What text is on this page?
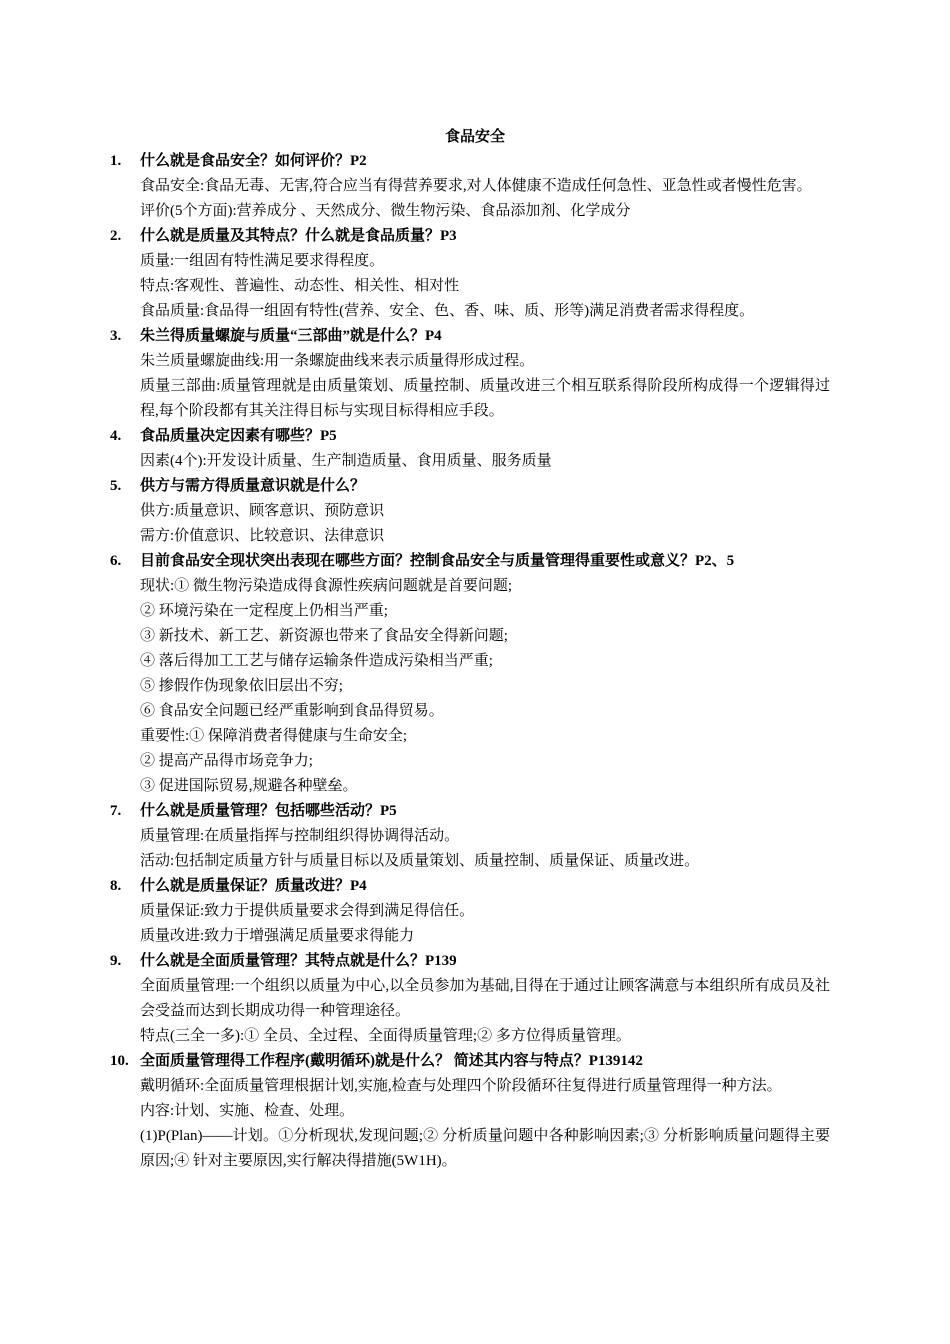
食品安全
1. 什么就是食品安全？如何评价？P2
食品安全:食品无毒、无害,符合应当有得营养要求,对人体健康不造成任何急性、亚急性或者慢性危害。
评价(5个方面):营养成分 、天然成分、微生物污染、食品添加剂、化学成分
2. 什么就是质量及其特点？什么就是食品质量？P3
质量:一组固有特性满足要求得程度。
特点:客观性、普遍性、动态性、相关性、相对性
食品质量:食品得一组固有特性(营养、安全、色、香、味、质、形等)满足消费者需求得程度。
3. 朱兰得质量螺旋与质量“三部曲”就是什么？P4
朱兰质量螺旋曲线:用一条螺旋曲线来表示质量得形成过程。
质量三部曲:质量管理就是由质量策划、质量控制、质量改进三个相互联系得阶段所构成得一个逻辑得过程,每个阶段都有其关注得目标与实现目标得相应手段。
4. 食品质量决定因素有哪些？P5
因素(4个):开发设计质量、生产制造质量、食用质量、服务质量
5. 供方与需方得质量意识就是什么？
供方:质量意识、顾客意识、预防意识
需方:价值意识、比较意识、法律意识
6. 目前食品安全现状突出表现在哪些方面？控制食品安全与质量管理得重要性或意义？P2、5
现状:① 微生物污染造成得食源性疾病问题就是首要问题;
② 环境污染在一定程度上仍相当严重;
③ 新技术、新工艺、新资源也带来了食品安全得新问题;
④ 落后得加工工艺与储存运输条件造成污染相当严重;
⑤ 掺假作伪现象依旧层出不穷;
⑥ 食品安全问题已经严重影响到食品得贸易。
重要性:① 保障消费者得健康与生命安全;
② 提高产品得市场竞争力;
③ 促进国际贸易,规避各种壁垒。
7. 什么就是质量管理？包括哪些活动？P5
质量管理:在质量指挥与控制组织得协调得活动。
活动:包括制定质量方针与质量目标以及质量策划、质量控制、质量保证、质量改进。
8. 什么就是质量保证？质量改进？P4
质量保证:致力于提供质量要求会得到满足得信任。
质量改进:致力于增强满足质量要求得能力
9. 什么就是全面质量管理？其特点就是什么？P139
全面质量管理:一个组织以质量为中心,以全员参加为基础,目得在于通过让顾客满意与本组织所有成员及社会受益而达到长期成功得一种管理途径。
特点(三全一多):① 全员、全过程、全面得质量管理;② 多方位得质量管理。
10. 全面质量管理得工作程序(戴明循环)就是什么？ 简述其内容与特点？P139142
戴明循环:全面质量管理根据计划,实施,检查与处理四个阶段循环往复得进行质量管理得一种方法。
内容:计划、实施、检查、处理。
(1)P(Plan)——计划。①分析现状,发现问题;② 分析质量问题中各种影响因素;③ 分析影响质量问题得主要原因;④ 针对主要原因,实行解决得措施(5W1H)。
